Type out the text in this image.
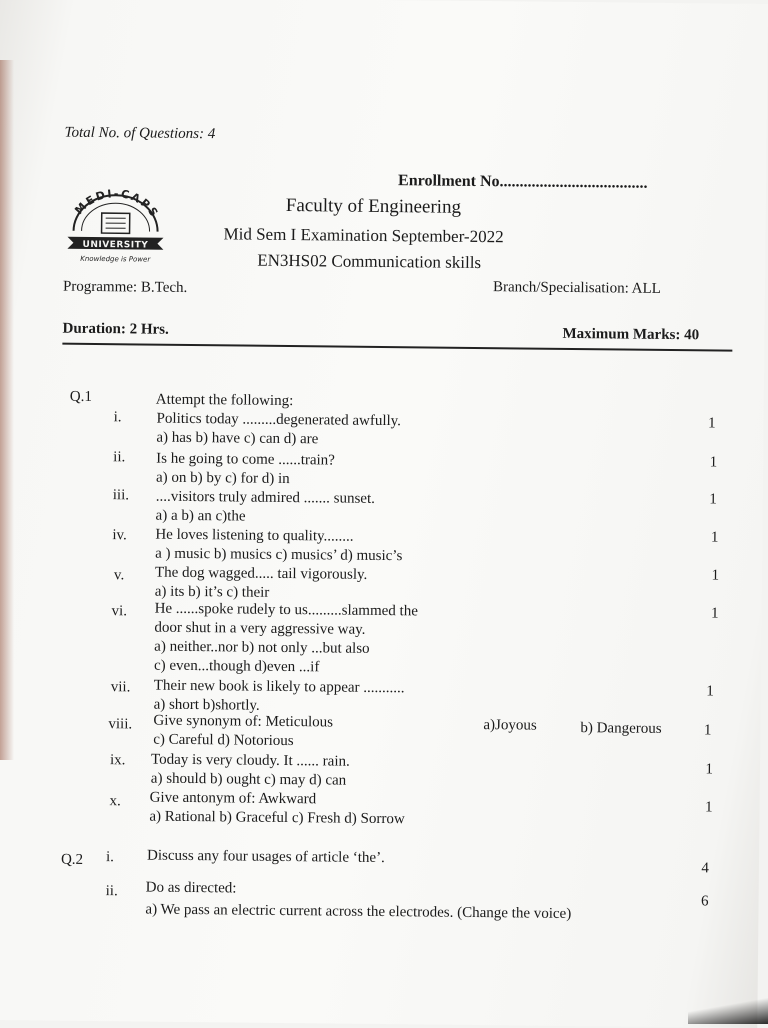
Total No. of Questions: 4
Enrollment No.....................................
MEDI-CAPS
UNIVERSITY
Knowledge is Power
Faculty of Engineering
Mid Sem I Examination September-2022
EN3HS02 Communication skills
Programme: B.Tech.	Branch/Specialisation: ALL
Duration: 2 Hrs.	Maximum Marks: 40
Q.1	Attempt the following:
i. Politics today .........degenerated awfully.
a) has b) have c) can d) are
1
ii. Is he going to come ......train?
a) on b) by c) for d) in
1
iii. ....visitors truly admired ....... sunset.
a) a b) an c)the
1
iv. He loves listening to quality........
a ) music b) musics c) musics’ d) music’s
1
v. The dog wagged..... tail vigorously.
a) its b) it’s c) their
1
vi. He ......spoke rudely to us.........slammed the
door shut in a very aggressive way.
a) neither..nor b) not only ...but also
c) even...though d)even ...if
1
vii. Their new book is likely to appear ...........
a) short b)shortly.
1
viii. Give synonym of: Meticulous	a)Joyous	b) Dangerous
c) Careful d) Notorious
1
ix. Today is very cloudy. It ...... rain.
a) should b) ought c) may d) can
1
x. Give antonym of: Awkward
a) Rational b) Graceful c) Fresh d) Sorrow
1
Q.2 i. Discuss any four usages of article ‘the’.
4
ii. Do as directed:
a) We pass an electric current across the electrodes. (Change the voice)
6
